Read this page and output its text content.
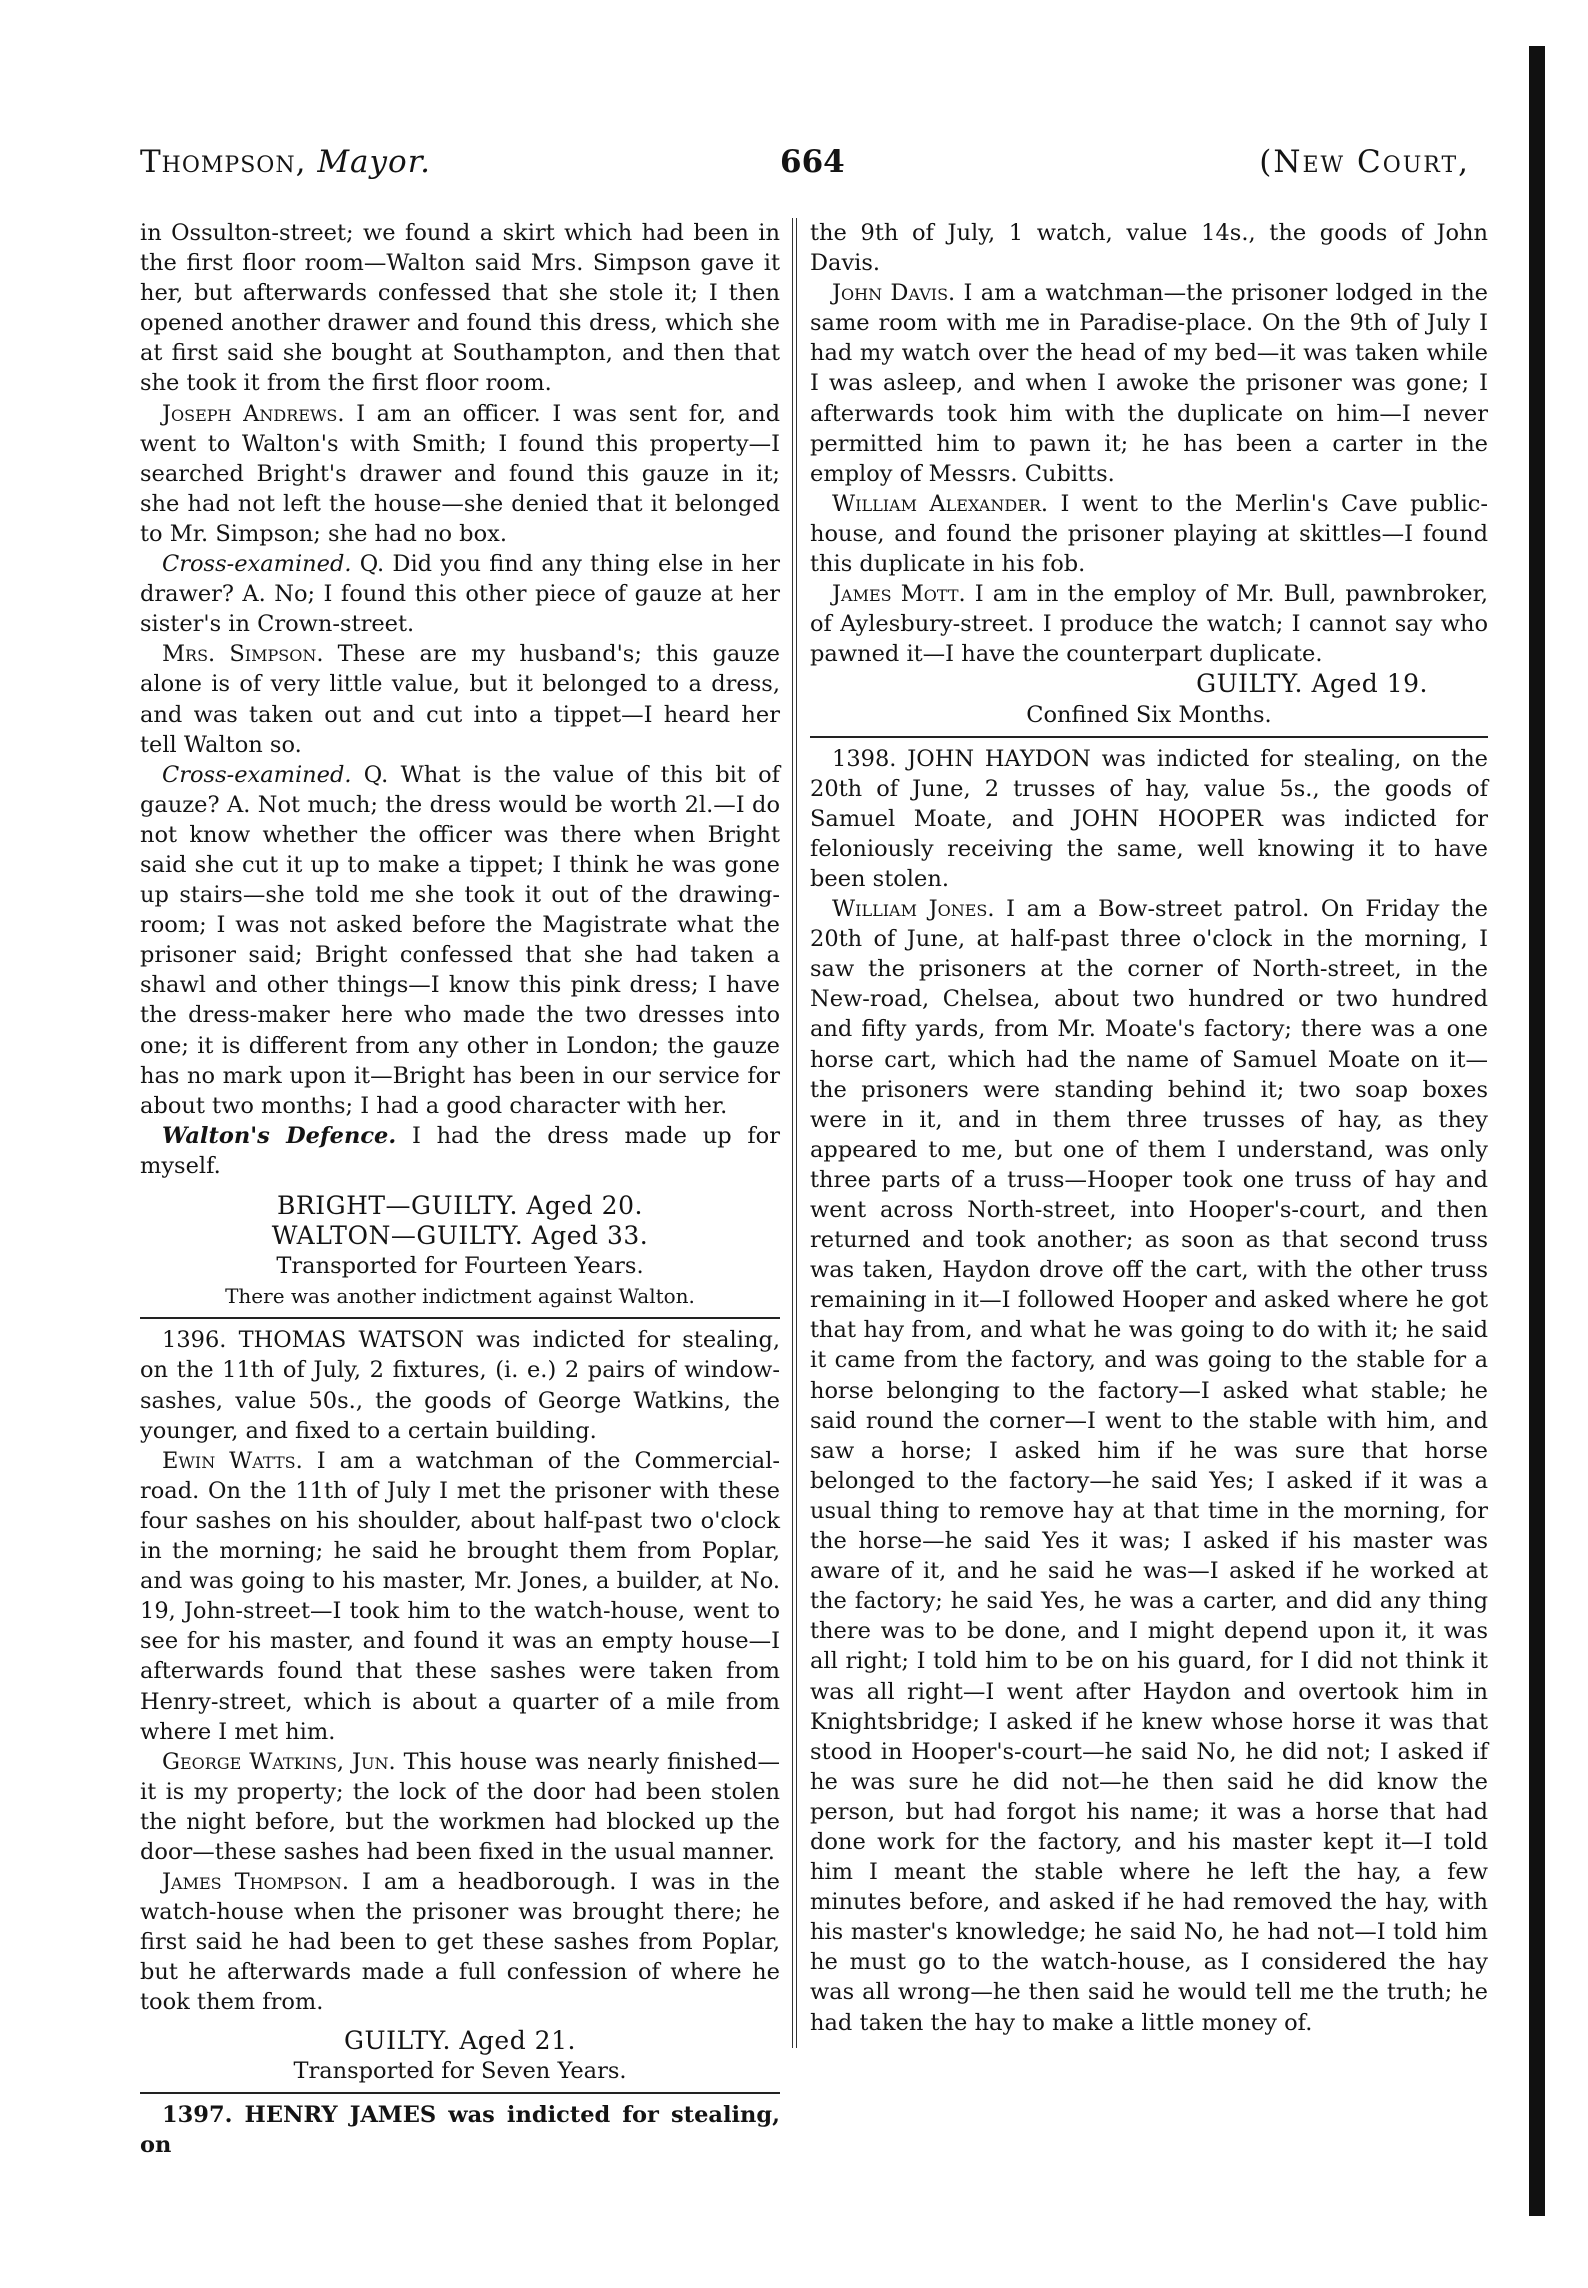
Thompson, Mayor.	664	(New Court,

in Ossulton-street; we found a skirt which had been in the first floor room—Walton said Mrs. Simpson gave it her, but afterwards confessed that she stole it; I then opened another drawer and found this dress, which she at first said she bought at Southampton, and then that she took it from the first floor room.

Joseph Andrews. I am an officer. I was sent for, and went to Walton's with Smith; I found this property—I searched Bright's drawer and found this gauze in it; she had not left the house—she denied that it belonged to Mr. Simpson; she had no box.

Cross-examined. Q. Did you find any thing else in her drawer? A. No; I found this other piece of gauze at her sister's in Crown-street.

Mrs. Simpson. These are my husband's; this gauze alone is of very little value, but it belonged to a dress, and was taken out and cut into a tippet—I heard her tell Walton so.

Cross-examined. Q. What is the value of this bit of gauze? A. Not much; the dress would be worth 2l.—I do not know whether the officer was there when Bright said she cut it up to make a tippet; I think he was gone up stairs—she told me she took it out of the drawing-room; I was not asked before the Magistrate what the prisoner said; Bright confessed that she had taken a shawl and other things—I know this pink dress; I have the dress-maker here who made the two dresses into one; it is different from any other in London; the gauze has no mark upon it—Bright has been in our service for about two months; I had a good character with her.

Walton's Defence. I had the dress made up for myself.

BRIGHT—GUILTY. Aged 20.

WALTON—GUILTY. Aged 33.

Transported for Fourteen Years.

There was another indictment against Walton.

1396. THOMAS WATSON was indicted for stealing, on the 11th of July, 2 fixtures, (i. e.) 2 pairs of window-sashes, value 50s., the goods of George Watkins, the younger, and fixed to a certain building.

Ewin Watts. I am a watchman of the Commercial-road. On the 11th of July I met the prisoner with these four sashes on his shoulder, about half-past two o'clock in the morning; he said he brought them from Poplar, and was going to his master, Mr. Jones, a builder, at No. 19, John-street—I took him to the watch-house, went to see for his master, and found it was an empty house—I afterwards found that these sashes were taken from Henry-street, which is about a quarter of a mile from where I met him.

George Watkins, Jun. This house was nearly finished—it is my property; the lock of the door had been stolen the night before, but the workmen had blocked up the door—these sashes had been fixed in the usual manner.

James Thompson. I am a headborough. I was in the watch-house when the prisoner was brought there; he first said he had been to get these sashes from Poplar, but he afterwards made a full confession of where he took them from.

GUILTY. Aged 21.

Transported for Seven Years.

1397. HENRY JAMES was indicted for stealing, on

the 9th of July, 1 watch, value 14s., the goods of John Davis.

John Davis. I am a watchman—the prisoner lodged in the same room with me in Paradise-place. On the 9th of July I had my watch over the head of my bed—it was taken while I was asleep, and when I awoke the prisoner was gone; I afterwards took him with the duplicate on him—I never permitted him to pawn it; he has been a carter in the employ of Messrs. Cubitts.

William Alexander. I went to the Merlin's Cave public-house, and found the prisoner playing at skittles—I found this duplicate in his fob.

James Mott. I am in the employ of Mr. Bull, pawnbroker, of Aylesbury-street. I produce the watch; I cannot say who pawned it—I have the counterpart duplicate.

GUILTY. Aged 19.

Confined Six Months.

1398. JOHN HAYDON was indicted for stealing, on the 20th of June, 2 trusses of hay, value 5s., the goods of Samuel Moate, and JOHN HOOPER was indicted for feloniously receiving the same, well knowing it to have been stolen.

William Jones. I am a Bow-street patrol. On Friday the 20th of June, at half-past three o'clock in the morning, I saw the prisoners at the corner of North-street, in the New-road, Chelsea, about two hundred or two hundred and fifty yards, from Mr. Moate's factory; there was a one horse cart, which had the name of Samuel Moate on it—the prisoners were standing behind it; two soap boxes were in it, and in them three trusses of hay, as they appeared to me, but one of them I understand, was only three parts of a truss—Hooper took one truss of hay and went across North-street, into Hooper's-court, and then returned and took another; as soon as that second truss was taken, Haydon drove off the cart, with the other truss remaining in it—I followed Hooper and asked where he got that hay from, and what he was going to do with it; he said it came from the factory, and was going to the stable for a horse belonging to the factory—I asked what stable; he said round the corner—I went to the stable with him, and saw a horse; I asked him if he was sure that horse belonged to the factory—he said Yes; I asked if it was a usual thing to remove hay at that time in the morning, for the horse—he said Yes it was; I asked if his master was aware of it, and he said he was—I asked if he worked at the factory; he said Yes, he was a carter, and did any thing there was to be done, and I might depend upon it, it was all right; I told him to be on his guard, for I did not think it was all right—I went after Haydon and overtook him in Knightsbridge; I asked if he knew whose horse it was that stood in Hooper's-court—he said No, he did not; I asked if he was sure he did not—he then said he did know the person, but had forgot his name; it was a horse that had done work for the factory, and his master kept it—I told him I meant the stable where he left the hay, a few minutes before, and asked if he had removed the hay, with his master's knowledge; he said No, he had not—I told him he must go to the watch-house, as I considered the hay was all wrong—he then said he would tell me the truth; he had taken the hay to make a little money of.
